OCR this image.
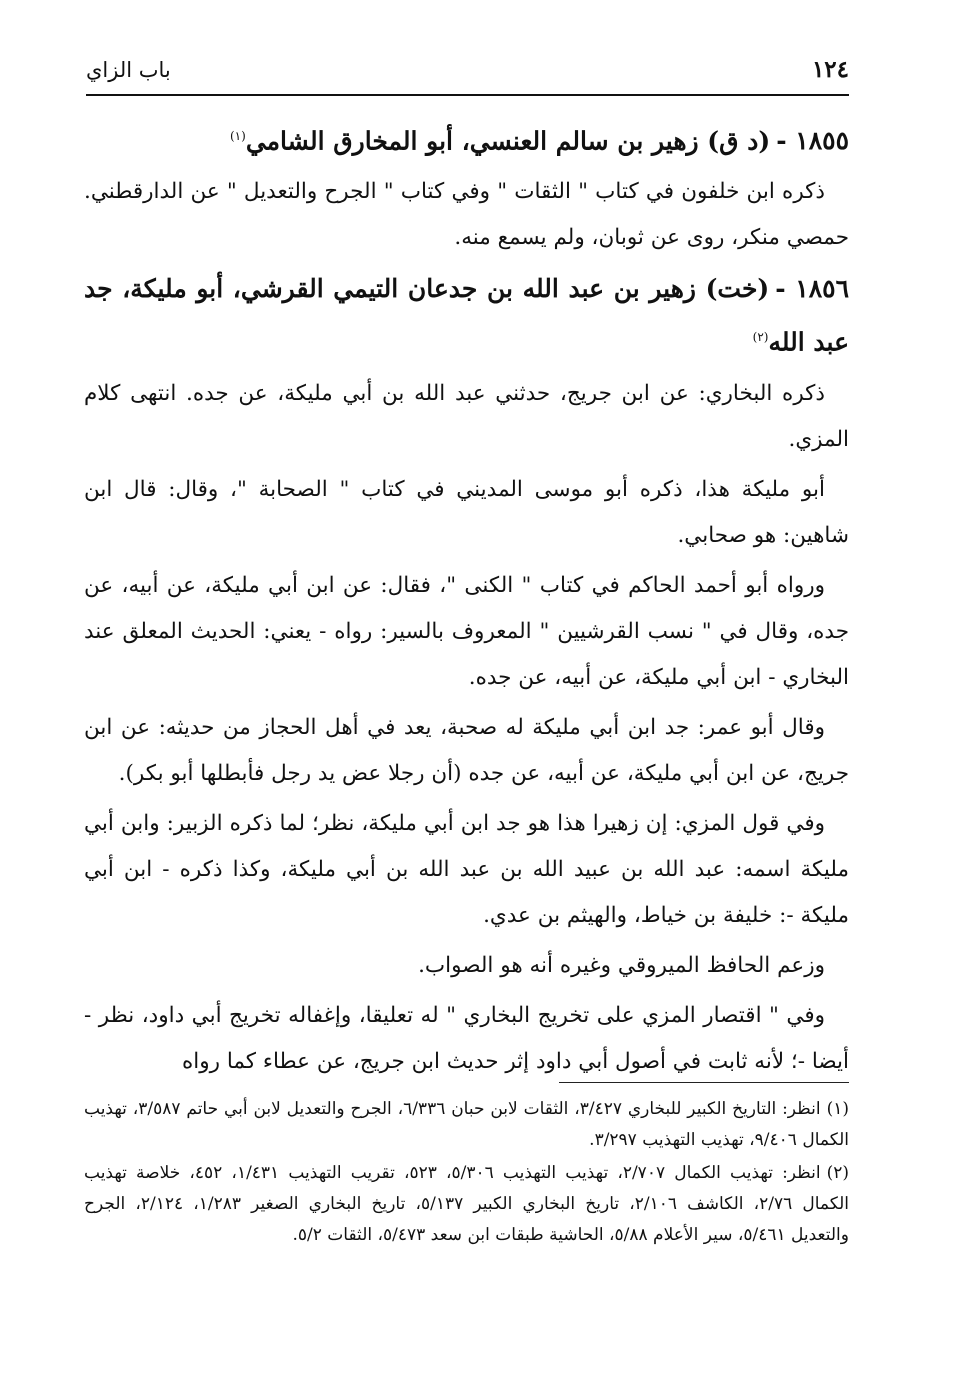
١٢٤
باب الزاي

١٨٥٥ -(د ق) زهير بن سالم العنسي، أبو المخارق الشامي$^{(١)}$

ذكره ابن خلفون في كتاب " الثقات " وفي كتاب " الجرح والتعديل " عن الدارقطني. حمصي منكر، روى عن ثوبان، ولم يسمع منه.

١٨٥٦ -(خت) زهير بن عبد الله بن جدعان التيمي القرشي، أبو مليكة، جد عبد الله$^{(٢)}$

ذكره البخاري: عن ابن جريج، حدثني عبد الله بن أبي مليكة، عن جده. انتهى كلام المزي.

أبو مليكة هذا، ذكره أبو موسى المديني في كتاب " الصحابة "، وقال: قال ابن شاهين: هو صحابي.

ورواه أبو أحمد الحاكم في كتاب " الكنى "، فقال: عن ابن أبي مليكة، عن أبيه، عن جده، وقال في " نسب القرشيين " المعروف بالسير: رواه - يعني: الحديث المعلق عند البخاري - ابن أبي مليكة، عن أبيه، عن جده.

وقال أبو عمر: جد ابن أبي مليكة له صحبة، يعد في أهل الحجاز من حديثه: عن ابن جريج، عن ابن أبي مليكة، عن أبيه، عن جده (أن رجلا عض يد رجل فأبطلها أبو بكر).

وفي قول المزي: إن زهيرا هذا هو جد ابن أبي مليكة، نظر؛ لما ذكره الزبير: وابن أبي مليكة اسمه: عبد الله بن عبيد الله بن عبد الله بن أبي مليكة، وكذا ذكره - ابن أبي مليكة -: خليفة بن خياط، والهيثم بن عدي.

وزعم الحافظ الميروقي وغيره أنه هو الصواب.

وفي " اقتصار المزي على تخريج البخاري " له تعليقا، وإغفاله تخريج أبي داود، نظر - أيضا -؛ لأنه ثابت في أصول أبي داود إثر حديث ابن جريج، عن عطاء كما رواه

(١)انظر: التاريخ الكبير للبخاري ٣/٤٢٧، الثقات لابن حبان ٦/٣٣٦، الجرح والتعديل لابن أبي حاتم ٣/٥٨٧، تهذيب الكمال ٩/٤٠٦، تهذيب التهذيب ٣/٢٩٧.

(٢)انظر: تهذيب الكمال ٢/٧٠٧، تهذيب التهذيب ٥/٣٠٦، ٥٢٣، تقريب التهذيب ١/٤٣١، ٤٥٢، خلاصة تهذيب الكمال ٢/٧٦، الكاشف ٢/١٠٦، تاريخ البخاري الكبير ٥/١٣٧، تاريخ البخاري الصغير ١/٢٨٣، ٢/١٢٤، الجرح والتعديل ٥/٤٦١، سير الأعلام ٥/٨٨، الحاشية طبقات ابن سعد ٥/٤٧٣، الثقات ٥/٢.
